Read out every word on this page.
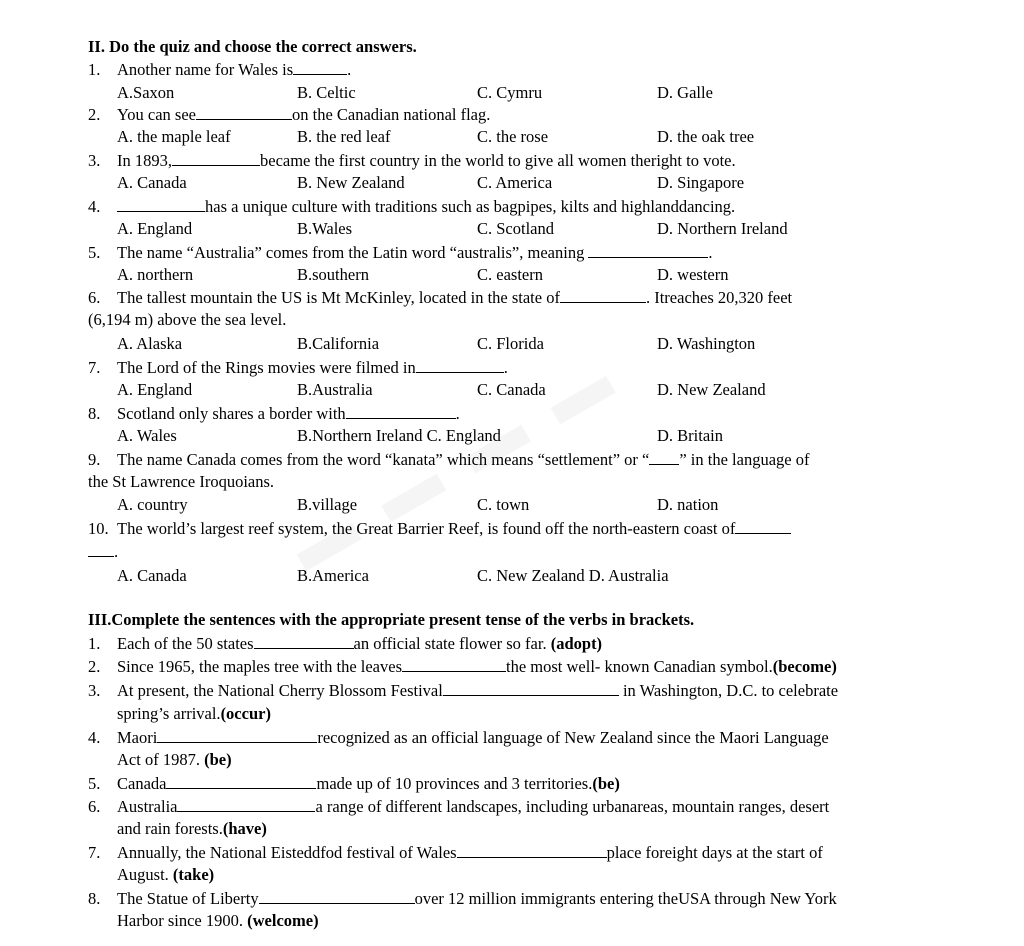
II. Do the quiz and choose the correct answers.
1. Another name for Wales is	.
A.Saxon	B. Celtic	C. Cymru	D. Galle
2. You can see	on the Canadian national flag.
A. the maple leaf	B. the red leaf	C. the rose	D. the oak tree
3. In 1893,	became the first country in the world to give all women theright to vote.
A. Canada	B. New Zealand	C. America	D. Singapore
4.	has a unique culture with traditions such as bagpipes, kilts and highlanddancing.
A. England	B.Wales	C. Scotland	D. Northern Ireland
5. The name “Australia” comes from the Latin word “australis”, meaning	.
A. northern	B.southern	C. eastern	D. western
6. The tallest mountain the US is Mt McKinley, located in the state of	. Itreaches 20,320 feet
(6,194 m) above the sea level.
A. Alaska	B.California	C. Florida	D. Washington
7. The Lord of the Rings movies were filmed in	.
A. England	B.Australia	C. Canada	D. New Zealand
8. Scotland only shares a border with	.
A. Wales	B.Northern Ireland C. England	D. Britain
9. The name Canada comes from the word “kanata” which means “settlement” or “ ” in the language of
the St Lawrence Iroquoians.
A. country	B.village	C. town	D. nation
10. The world’s largest reef system, the Great Barrier Reef, is found off the north-eastern coast of
.
A. Canada	B.America	C. New Zealand D. Australia
III.Complete the sentences with the appropriate present tense of the verbs in brackets.
1. Each of the 50 states	an official state flower so far. (adopt)
2. Since 1965, the maples tree with the leaves	the most well- known Canadian symbol.(become)
3. At present, the National Cherry Blossom Festival	in Washington, D.C. to celebrate
spring’s arrival.(occur)
4. Maori	recognized as an official language of New Zealand since the Maori Language
Act of 1987. (be)
5. Canada	made up of 10 provinces and 3 territories.(be)
6. Australia	a range of different landscapes, including urbanareas, mountain ranges, desert
and rain forests.(have)
7. Annually, the National Eisteddfod festival of Wales	place foreight days at the start of
August. (take)
8. The Statue of Liberty	over 12 million immigrants entering theUSA through New York
Harbor since 1900. (welcome)
